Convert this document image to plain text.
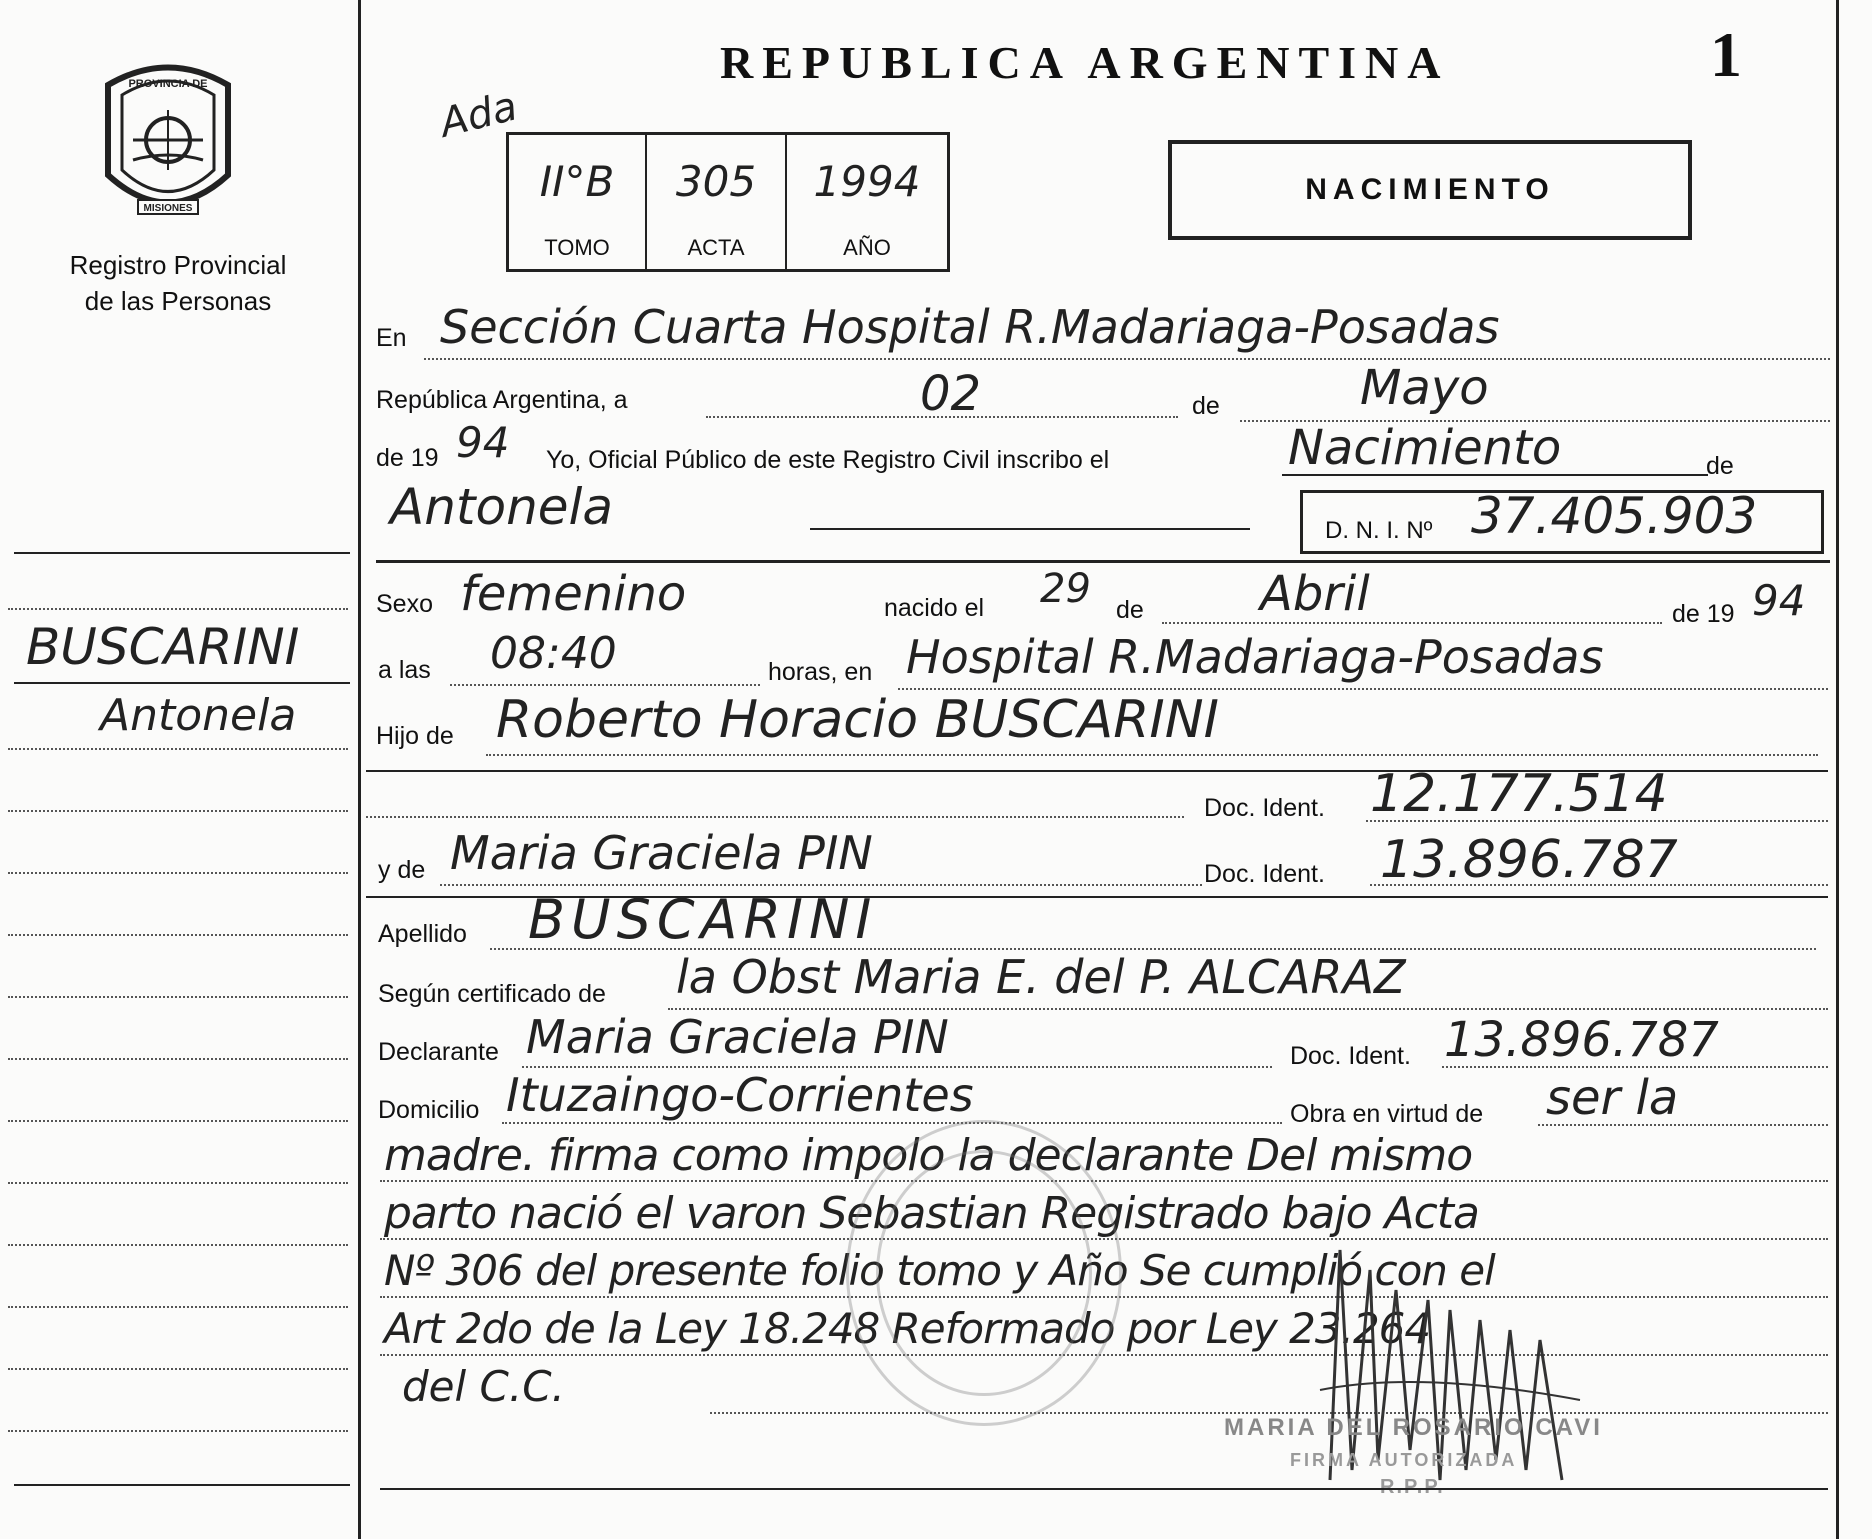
PROVINCIA DE
MISIONES
Registro Provincial
de las Personas
BUSCARINI
Antonela
REPUBLICA ARGENTINA	1
Ada
II°B
TOMO
305
ACTA
1994
AÑO
NACIMIENTO
En Sección Cuarta Hospital R.Madariaga-Posadas
República Argentina, a	02	de	Mayo
de 19 94 Yo, Oficial Público de este Registro Civil inscribo el	Nacimiento	de
Antonela	D. N. I. Nº 37.405.903
Sexo femenino	nacido el 29 de Abril	de 19 94
a las 08:40	horas, en Hospital R.Madariaga-Posadas
Hijo de Roberto Horacio BUSCARINI
Doc. Ident. 12.177.514
y de Maria Graciela PIN	Doc. Ident. 13.896.787
Apellido BUSCARINI
Según certificado de la Obst Maria E. del P. ALCARAZ
Declarante Maria Graciela PIN	Doc. Ident. 13.896.787
Domicilio Ituzaingo-Corrientes	Obra en virtud de ser la
madre. firma como impolo la declarante Del mismo
parto nació el varon Sebastian Registrado bajo Acta
Nº 306 del presente folio tomo y Año Se cumplió con el
Art 2do de la Ley 18.248 Reformado por Ley 23.264
del C.C.
MARIA DEL ROSARIO CAVI
FIRMA AUTORIZADA
R.P.P.
